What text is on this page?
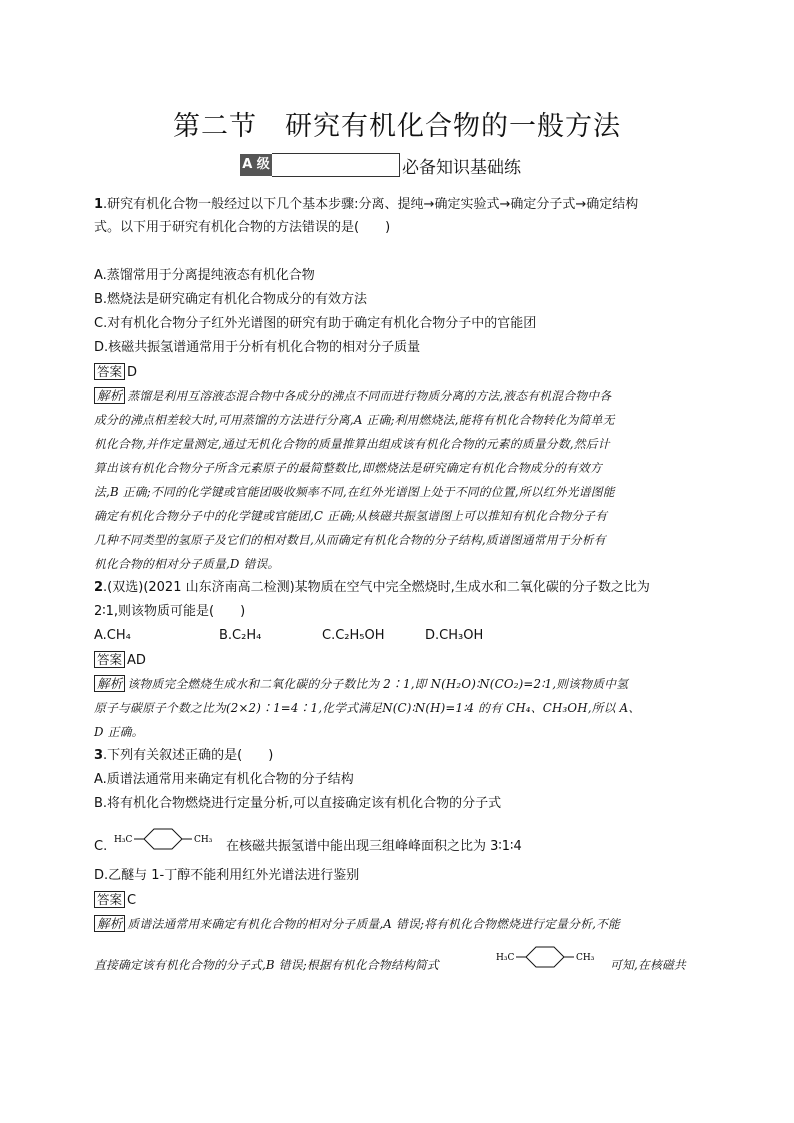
第二节　研究有机化合物的一般方法
A 级	必备知识基础练
1.研究有机化合物一般经过以下几个基本步骤:分离、提纯→确定实验式→确定分子式→确定结构
式。以下用于研究有机化合物的方法错误的是(　　)
A.蒸馏常用于分离提纯液态有机化合物
B.燃烧法是研究确定有机化合物成分的有效方法
C.对有机化合物分子红外光谱图的研究有助于确定有机化合物分子中的官能团
D.核磁共振氢谱通常用于分析有机化合物的相对分子质量
答案 D
解析 蒸馏是利用互溶液态混合物中各成分的沸点不同而进行物质分离的方法,液态有机混合物中各
成分的沸点相差较大时,可用蒸馏的方法进行分离,A 正确;利用燃烧法,能将有机化合物转化为简单无
机化合物,并作定量测定,通过无机化合物的质量推算出组成该有机化合物的元素的质量分数,然后计
算出该有机化合物分子所含元素原子的最简整数比,即燃烧法是研究确定有机化合物成分的有效方
法,B 正确;不同的化学键或官能团吸收频率不同,在红外光谱图上处于不同的位置,所以红外光谱图能
确定有机化合物分子中的化学键或官能团,C 正确;从核磁共振氢谱图上可以推知有机化合物分子有
几种不同类型的氢原子及它们的相对数目,从而确定有机化合物的分子结构,质谱图通常用于分析有
机化合物的相对分子质量,D 错误。
2.(双选)(2021 山东济南高二检测)某物质在空气中完全燃烧时,生成水和二氧化碳的分子数之比为
2∶1,则该物质可能是(　　)
A.CH₄	B.C₂H₄	C.C₂H₅OH	D.CH₃OH
答案 AD
解析 该物质完全燃烧生成水和二氧化碳的分子数比为 2∶1,即 N(H₂O)∶N(CO₂)=2∶1,则该物质中氢
原子与碳原子个数之比为(2×2)∶1=4∶1,化学式满足N(C)∶N(H)=1∶4 的有 CH₄、CH₃OH,所以 A、
D 正确。
3.下列有关叙述正确的是(　　)
A.质谱法通常用来确定有机化合物的分子结构
B.将有机化合物燃烧进行定量分析,可以直接确定该有机化合物的分子式
C. H₃C	CH₃ 在核磁共振氢谱中能出现三组峰峰面积之比为 3∶1∶4
D.乙醚与 1-丁醇不能利用红外光谱法进行鉴别
答案 C
解析 质谱法通常用来确定有机化合物的相对分子质量,A 错误;将有机化合物燃烧进行定量分析,不能
直接确定该有机化合物的分子式,B 错误;根据有机化合物结构简式	H₃C	CH₃ 可知,在核磁共
